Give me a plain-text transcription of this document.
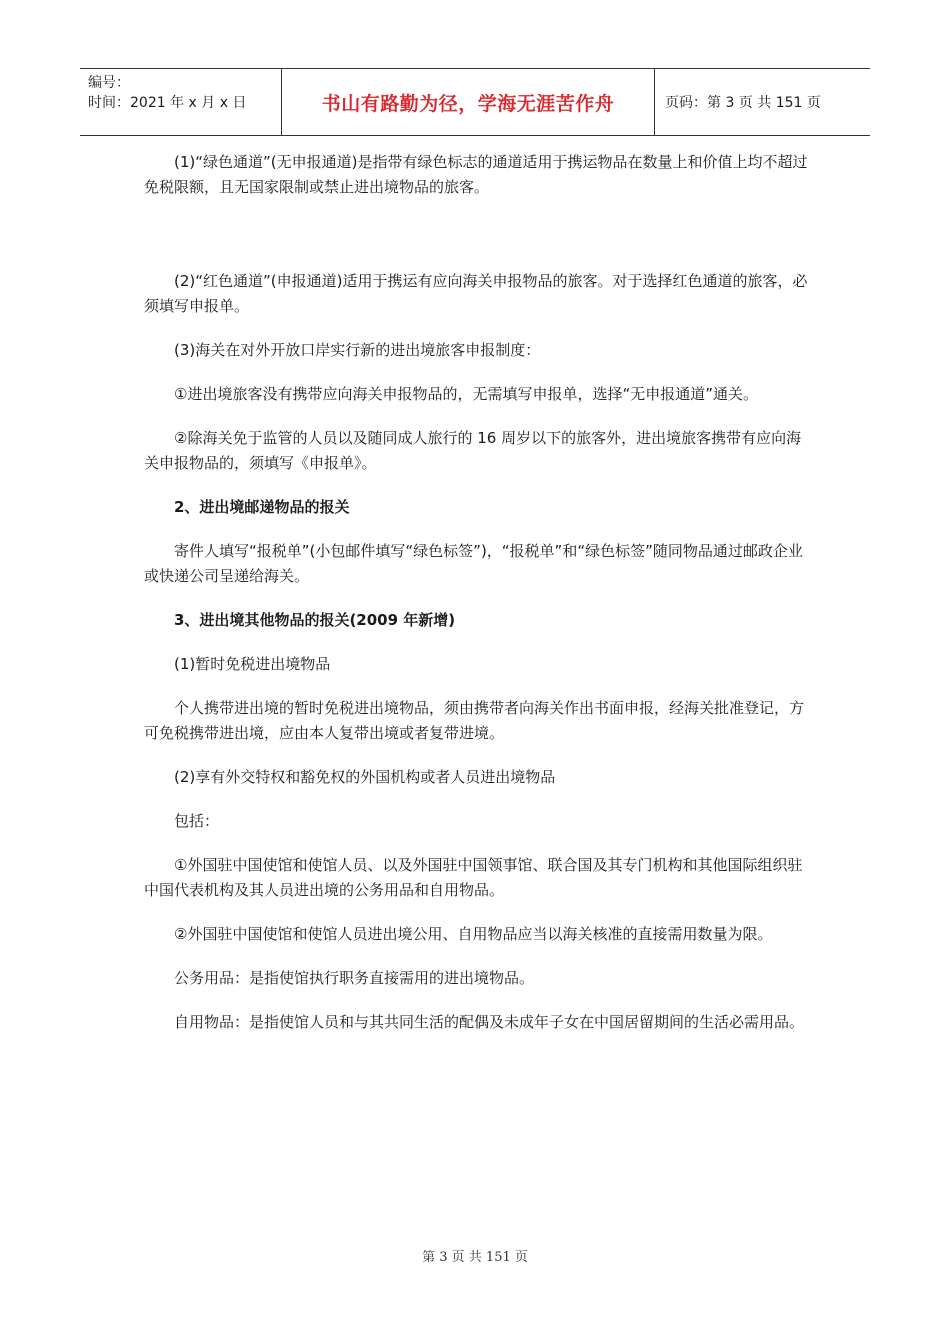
编号：
时间：2021 年 x 月 x 日	书山有路勤为径，学海无涯苦作舟	页码：第 3 页 共 151 页

(1)“绿色通道”(无申报通道)是指带有绿色标志的通道适用于携运物品在数量上和价值上均不超过免税限额，且无国家限制或禁止进出境物品的旅客。

(2)“红色通道”(申报通道)适用于携运有应向海关申报物品的旅客。对于选择红色通道的旅客，必须填写申报单。

(3)海关在对外开放口岸实行新的进出境旅客申报制度：

①进出境旅客没有携带应向海关申报物品的，无需填写申报单，选择“无申报通道”通关。

②除海关免于监管的人员以及随同成人旅行的 16 周岁以下的旅客外，进出境旅客携带有应向海关申报物品的，须填写《申报单》。

2、进出境邮递物品的报关

寄件人填写“报税单”(小包邮件填写“绿色标签”)，“报税单”和“绿色标签”随同物品通过邮政企业或快递公司呈递给海关。

3、进出境其他物品的报关(2009 年新增)

(1)暂时免税进出境物品

个人携带进出境的暂时免税进出境物品，须由携带者向海关作出书面申报，经海关批准登记，方可免税携带进出境，应由本人复带出境或者复带进境。

(2)享有外交特权和豁免权的外国机构或者人员进出境物品

包括：

①外国驻中国使馆和使馆人员、以及外国驻中国领事馆、联合国及其专门机构和其他国际组织驻中国代表机构及其人员进出境的公务用品和自用物品。

②外国驻中国使馆和使馆人员进出境公用、自用物品应当以海关核准的直接需用数量为限。

公务用品：是指使馆执行职务直接需用的进出境物品。

自用物品：是指使馆人员和与其共同生活的配偶及未成年子女在中国居留期间的生活必需用品。

第 3 页 共 151 页
